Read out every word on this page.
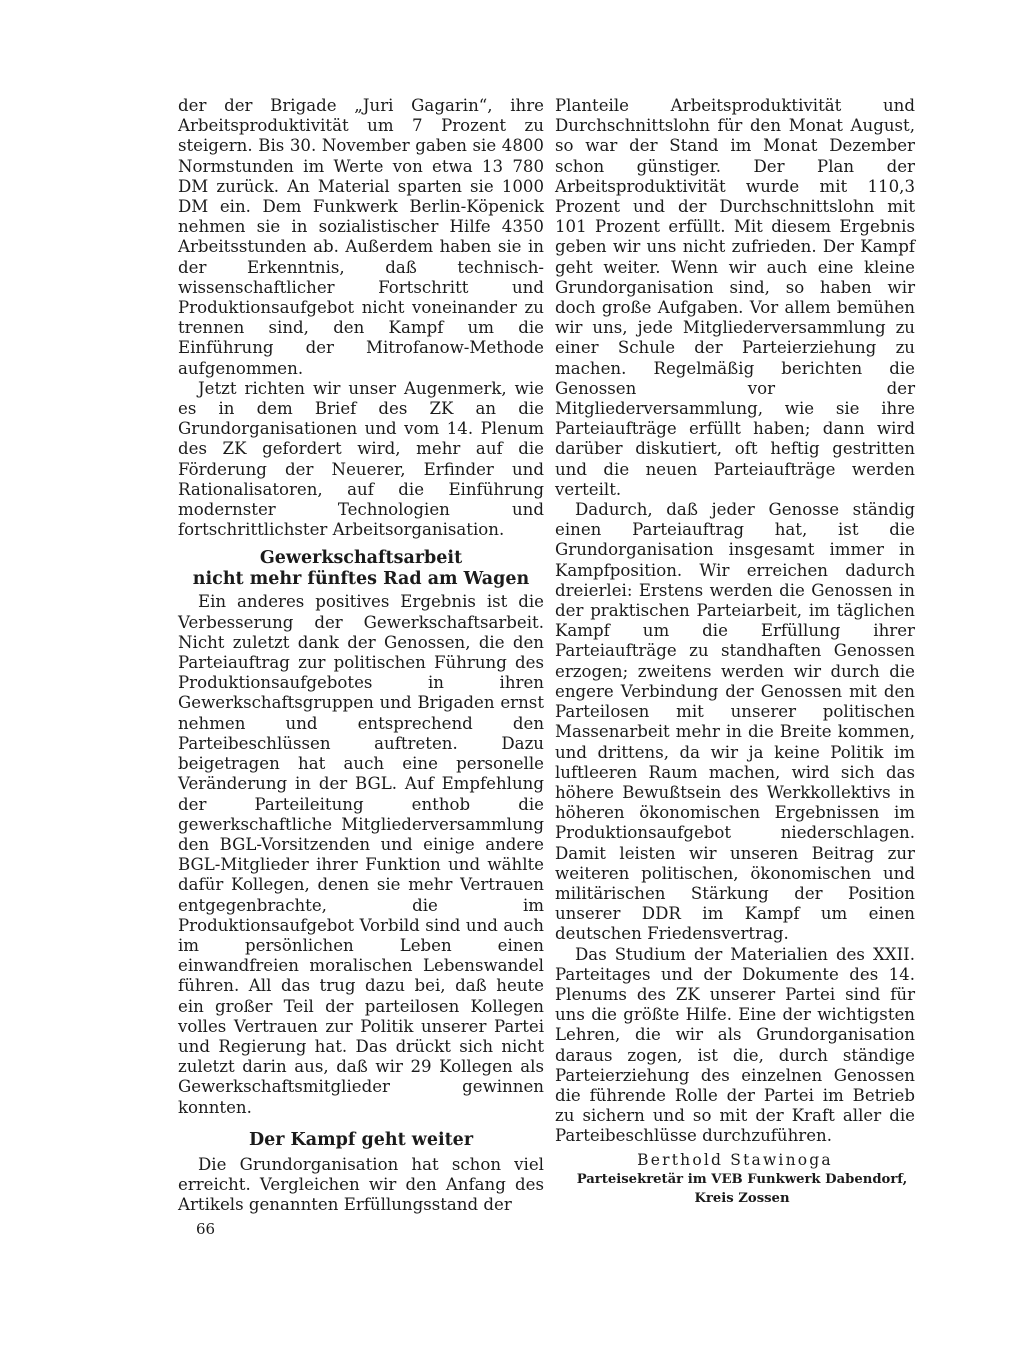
der der Brigade „Juri Gagarin“, ihre Arbeitsproduktivität um 7 Prozent zu steigern. Bis 30. November gaben sie 4800 Normstunden im Werte von etwa 13 780 DM zurück. An Material sparten sie 1000 DM ein. Dem Funkwerk Berlin-Köpenick nehmen sie in sozialistischer Hilfe 4350 Arbeitsstunden ab. Außerdem haben sie in der Erkenntnis, daß technisch-wissenschaftlicher Fortschritt und Produktionsaufgebot nicht voneinander zu trennen sind, den Kampf um die Einführung der Mitrofanow-Methode aufgenommen.

Jetzt richten wir unser Augenmerk, wie es in dem Brief des ZK an die Grundorganisationen und vom 14. Plenum des ZK gefordert wird, mehr auf die Förderung der Neuerer, Erfinder und Rationalisatoren, auf die Einführung modernster Technologien und fortschrittlichster Arbeitsorganisation.

Gewerkschaftsarbeit
nicht mehr fünftes Rad am Wagen

Ein anderes positives Ergebnis ist die Verbesserung der Gewerkschaftsarbeit. Nicht zuletzt dank der Genossen, die den Parteiauftrag zur politischen Führung des Produktionsaufgebotes in ihren Gewerkschaftsgruppen und Brigaden ernst nehmen und entsprechend den Parteibeschlüssen auftreten. Dazu beigetragen hat auch eine personelle Veränderung in der BGL. Auf Empfehlung der Parteileitung enthob die gewerkschaftliche Mitgliederversammlung den BGL-Vorsitzenden und einige andere BGL-Mitglieder ihrer Funktion und wählte dafür Kollegen, denen sie mehr Vertrauen entgegenbrachte, die im Produktionsaufgebot Vorbild sind und auch im persönlichen Leben einen einwandfreien moralischen Lebenswandel führen. All das trug dazu bei, daß heute ein großer Teil der parteilosen Kollegen volles Vertrauen zur Politik unserer Partei und Regierung hat. Das drückt sich nicht zuletzt darin aus, daß wir 29 Kollegen als Gewerkschaftsmitglieder gewinnen konnten.

Der Kampf geht weiter

Die Grundorganisation hat schon viel erreicht. Vergleichen wir den Anfang des Artikels genannten Erfüllungsstand der

Planteile Arbeitsproduktivität und Durchschnittslohn für den Monat August, so war der Stand im Monat Dezember schon günstiger. Der Plan der Arbeitsproduktivität wurde mit 110,3 Prozent und der Durchschnittslohn mit 101 Prozent erfüllt. Mit diesem Ergebnis geben wir uns nicht zufrieden. Der Kampf geht weiter. Wenn wir auch eine kleine Grundorganisation sind, so haben wir doch große Aufgaben. Vor allem bemühen wir uns, jede Mitgliederversammlung zu einer Schule der Parteierziehung zu machen. Regelmäßig berichten die Genossen vor der Mitgliederversammlung, wie sie ihre Parteiaufträge erfüllt haben; dann wird darüber diskutiert, oft heftig gestritten und die neuen Parteiaufträge werden verteilt.

Dadurch, daß jeder Genosse ständig einen Parteiauftrag hat, ist die Grundorganisation insgesamt immer in Kampfposition. Wir erreichen dadurch dreierlei: Erstens werden die Genossen in der praktischen Parteiarbeit, im täglichen Kampf um die Erfüllung ihrer Parteiaufträge zu standhaften Genossen erzogen; zweitens werden wir durch die engere Verbindung der Genossen mit den Parteilosen mit unserer politischen Massenarbeit mehr in die Breite kommen, und drittens, da wir ja keine Politik im luftleeren Raum machen, wird sich das höhere Bewußtsein des Werkkollektivs in höheren ökonomischen Ergebnissen im Produktionsaufgebot niederschlagen. Damit leisten wir unseren Beitrag zur weiteren politischen, ökonomischen und militärischen Stärkung der Position unserer DDR im Kampf um einen deutschen Friedensvertrag.

Das Studium der Materialien des XXII. Parteitages und der Dokumente des 14. Plenums des ZK unserer Partei sind für uns die größte Hilfe. Eine der wichtigsten Lehren, die wir als Grundorganisation daraus zogen, ist die, durch ständige Parteierziehung des einzelnen Genossen die führende Rolle der Partei im Betrieb zu sichern und so mit der Kraft aller die Parteibeschlüsse durchzuführen.

Berthold Stawinoga
Parteisekretär im VEB Funkwerk Dabendorf,
Kreis Zossen
66
